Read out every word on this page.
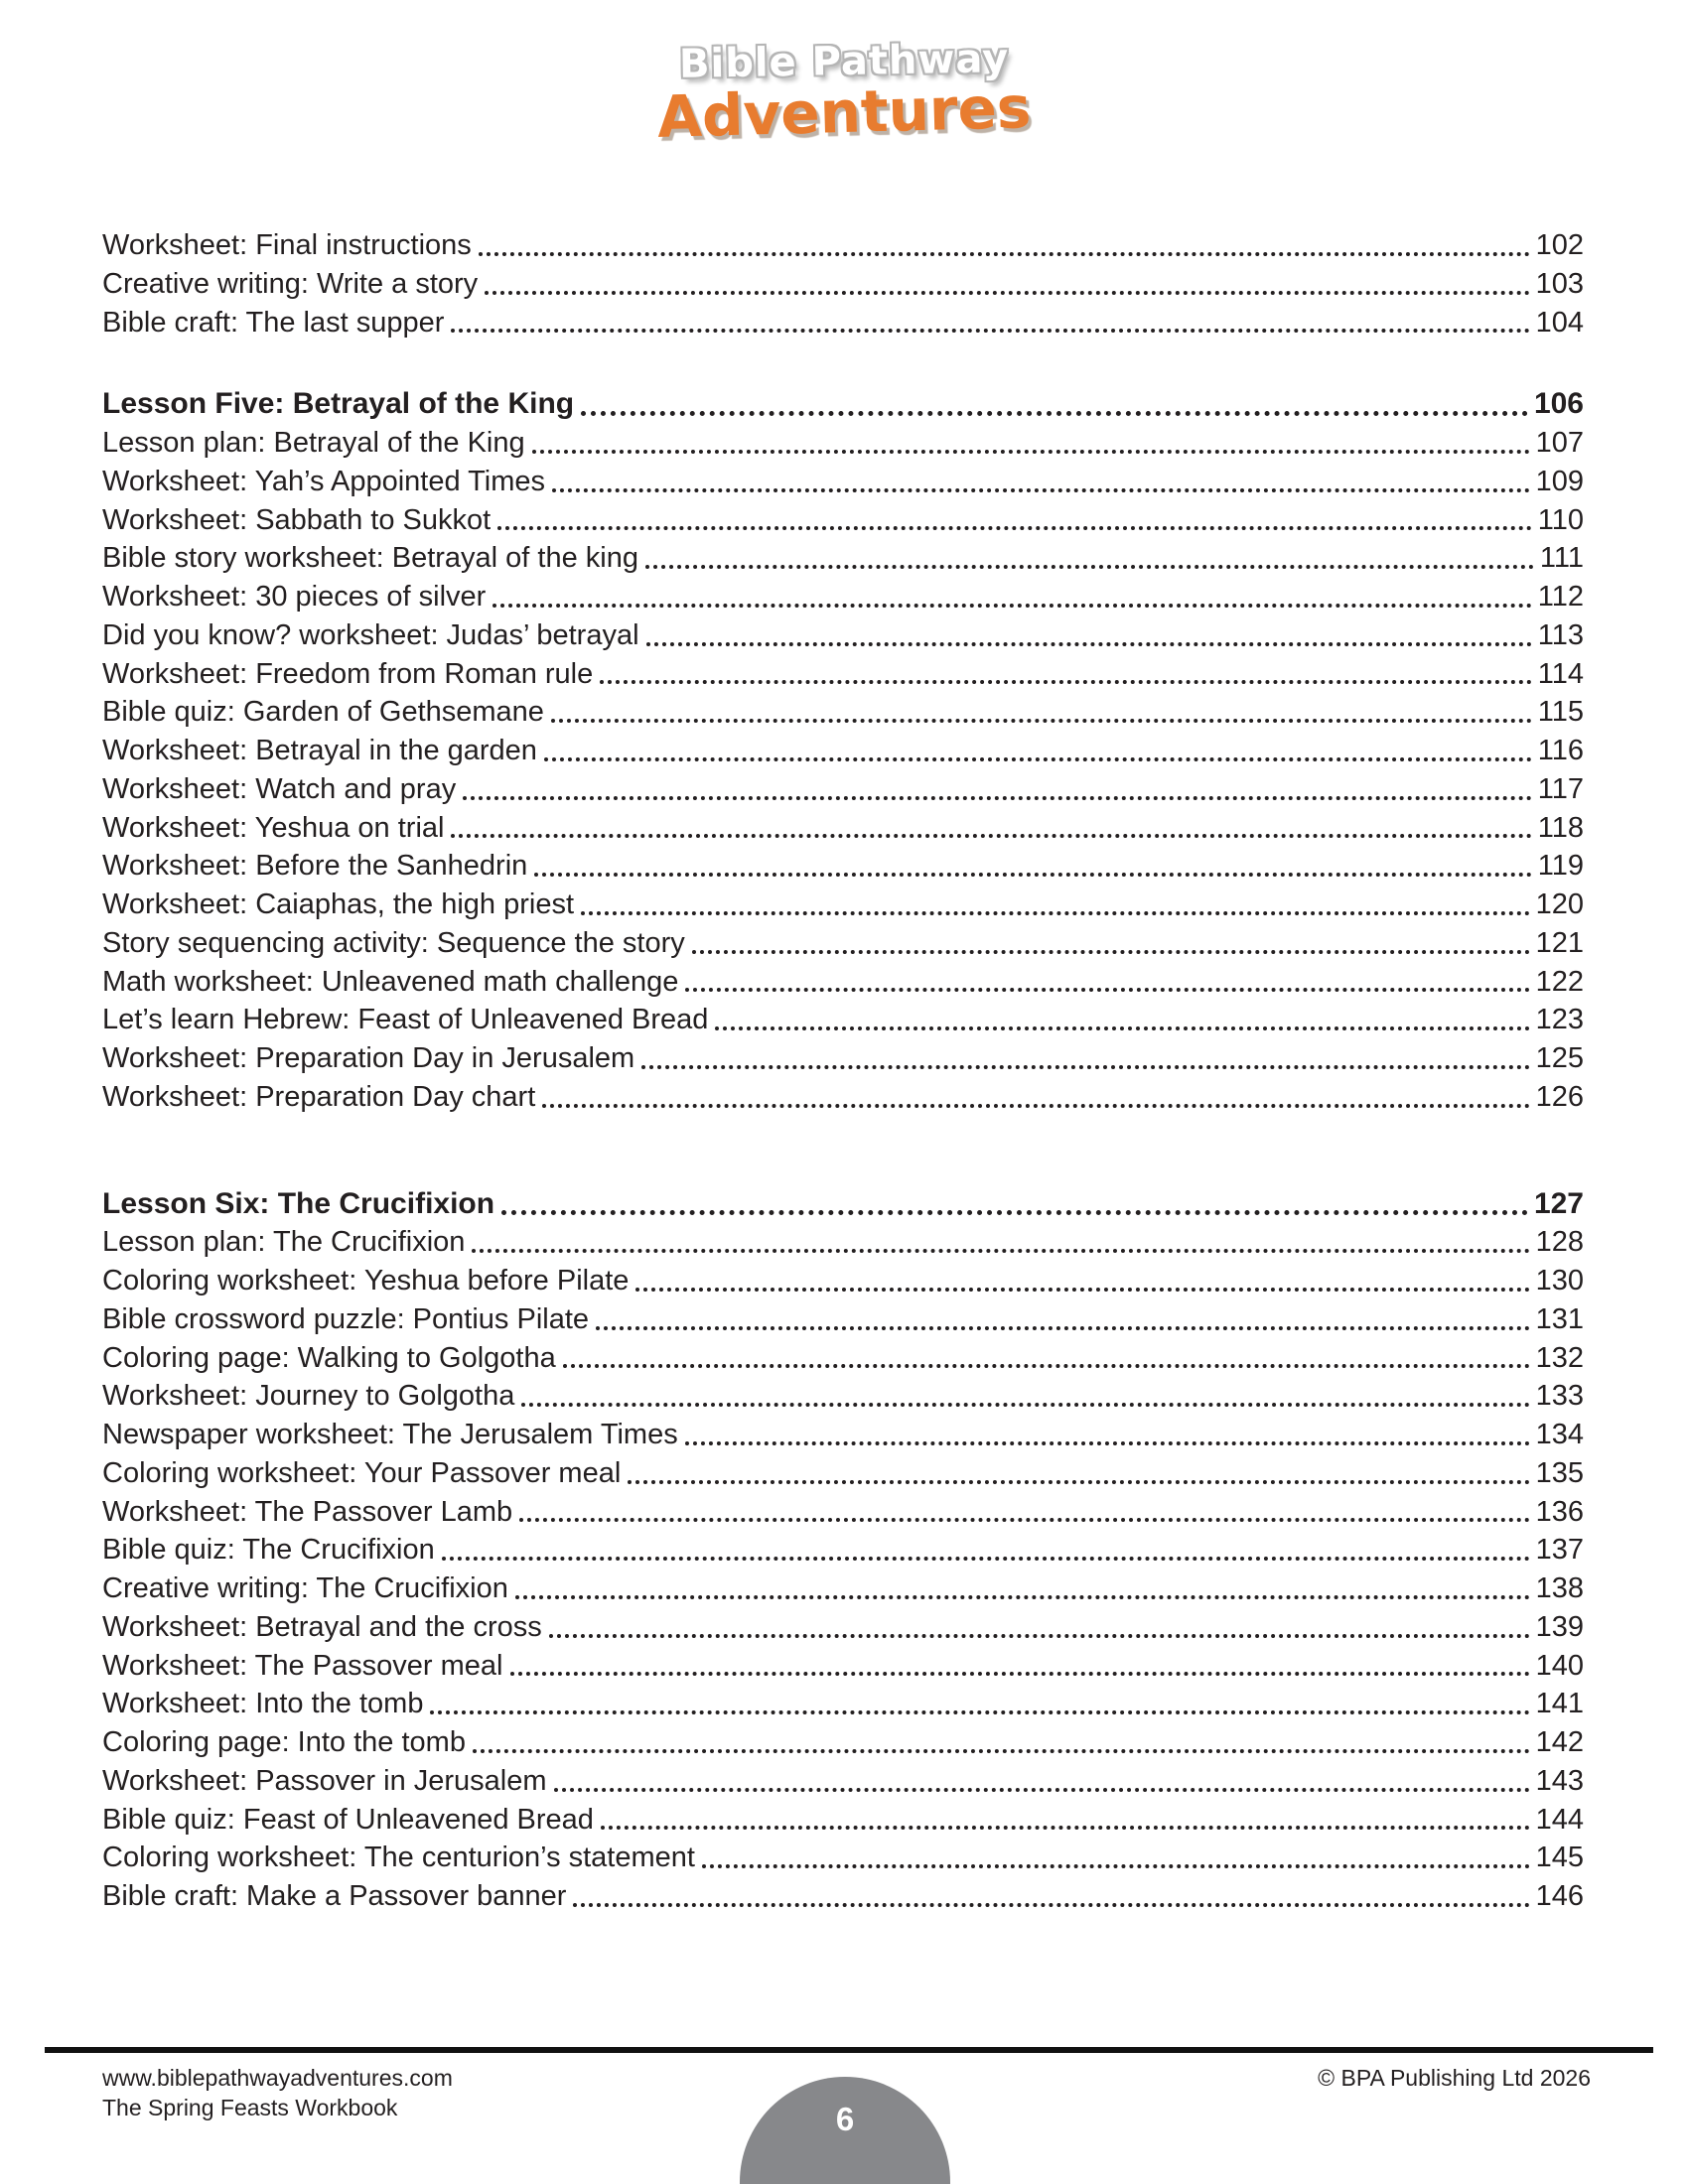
Bible Pathway
Adventures
Worksheet: Final instructions	102
Creative writing: Write a story	103
Bible craft: The last supper	104
Lesson Five: Betrayal of the King	106
Lesson plan: Betrayal of the King	107
Worksheet: Yah’s Appointed Times	109
Worksheet: Sabbath to Sukkot	110
Bible story worksheet: Betrayal of the king	111
Worksheet: 30 pieces of silver	112
Did you know? worksheet: Judas’ betrayal	113
Worksheet: Freedom from Roman rule	114
Bible quiz: Garden of Gethsemane	115
Worksheet: Betrayal in the garden	116
Worksheet: Watch and pray	117
Worksheet: Yeshua on trial	118
Worksheet: Before the Sanhedrin	119
Worksheet: Caiaphas, the high priest	120
Story sequencing activity: Sequence the story	121
Math worksheet: Unleavened math challenge	122
Let’s learn Hebrew: Feast of Unleavened Bread	123
Worksheet: Preparation Day in Jerusalem	125
Worksheet: Preparation Day chart	126
Lesson Six: The Crucifixion	127
Lesson plan: The Crucifixion	128
Coloring worksheet: Yeshua before Pilate	130
Bible crossword puzzle: Pontius Pilate	131
Coloring page: Walking to Golgotha	132
Worksheet: Journey to Golgotha	133
Newspaper worksheet: The Jerusalem Times	134
Coloring worksheet: Your Passover meal	135
Worksheet: The Passover Lamb	136
Bible quiz: The Crucifixion	137
Creative writing: The Crucifixion	138
Worksheet: Betrayal and the cross	139
Worksheet: The Passover meal	140
Worksheet: Into the tomb	141
Coloring page: Into the tomb	142
Worksheet: Passover in Jerusalem	143
Bible quiz: Feast of Unleavened Bread	144
Coloring worksheet: The centurion’s statement	145
Bible craft: Make a Passover banner	146
www.biblepathwayadventures.com
The Spring Feasts Workbook
© BPA Publishing Ltd 2026
6
